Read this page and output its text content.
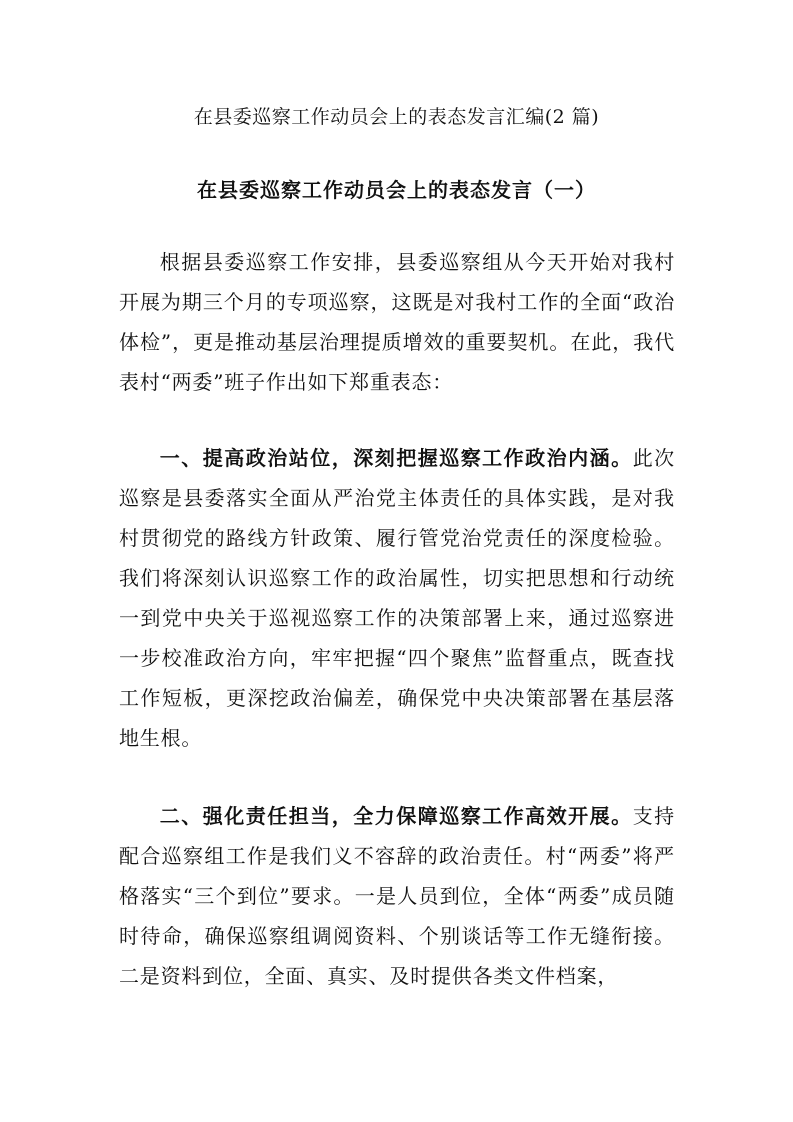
在县委巡察工作动员会上的表态发言汇编(2 篇)
在县委巡察工作动员会上的表态发言（一）

根据县委巡察工作安排，县委巡察组从今天开始对我村开展为期三个月的专项巡察，这既是对我村工作的全面“政治体检”，更是推动基层治理提质增效的重要契机。在此，我代表村“两委”班子作出如下郑重表态：

一、提高政治站位，深刻把握巡察工作政治内涵。此次巡察是县委落实全面从严治党主体责任的具体实践，是对我村贯彻党的路线方针政策、履行管党治党责任的深度检验。我们将深刻认识巡察工作的政治属性，切实把思想和行动统一到党中央关于巡视巡察工作的决策部署上来，通过巡察进一步校准政治方向，牢牢把握“四个聚焦”监督重点，既查找工作短板，更深挖政治偏差，确保党中央决策部署在基层落地生根。

二、强化责任担当，全力保障巡察工作高效开展。支持配合巡察组工作是我们义不容辞的政治责任。村“两委”将严格落实“三个到位”要求。一是人员到位，全体“两委”成员随时待命，确保巡察组调阅资料、个别谈话等工作无缝衔接。二是资料到位，全面、真实、及时提供各类文件档案，
